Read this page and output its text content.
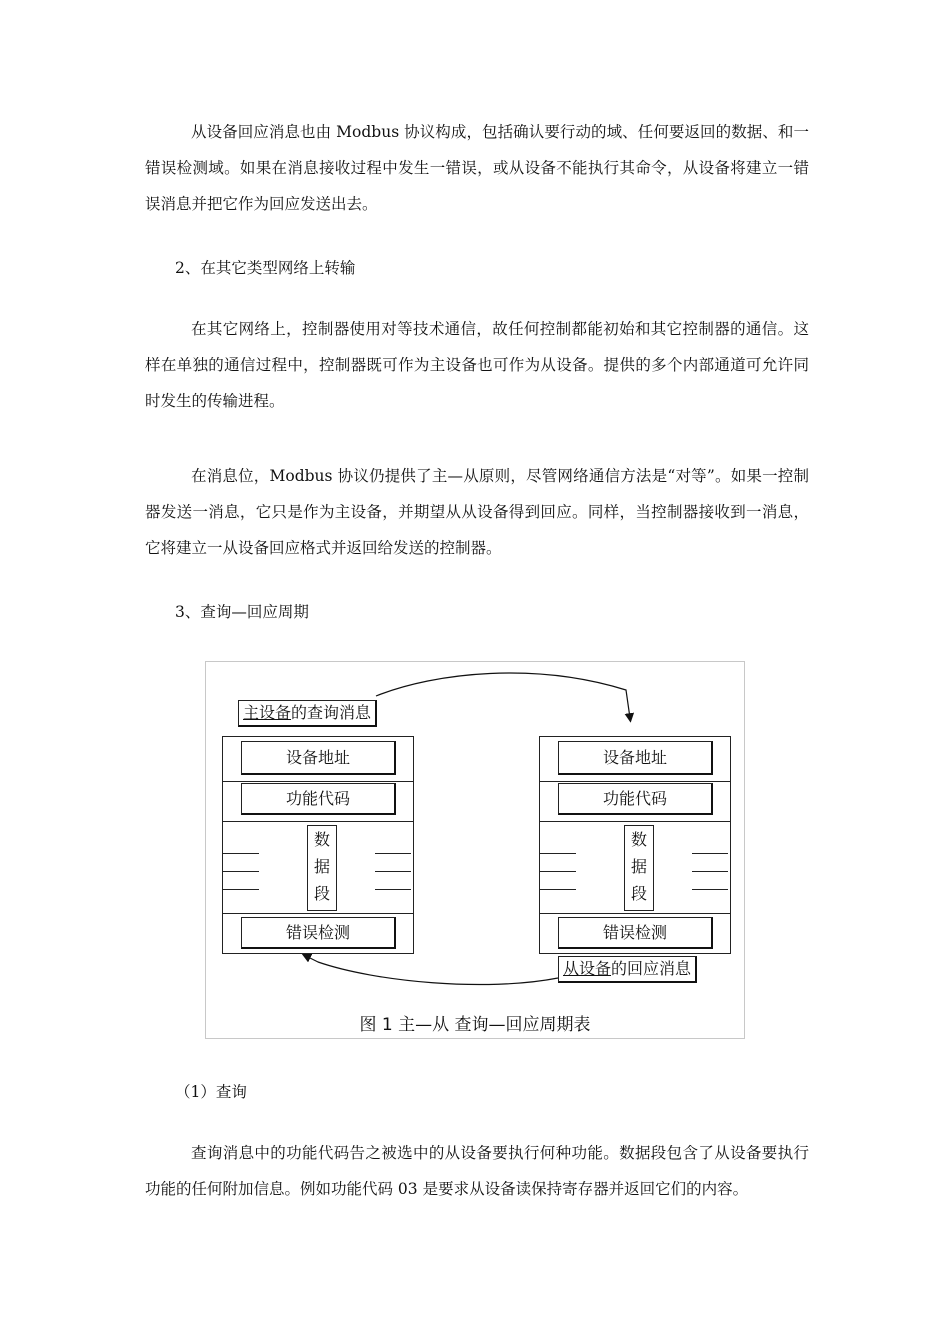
从设备回应消息也由 Modbus 协议构成，包括确认要行动的域、任何要返回的数据、和一错误检测域。如果在消息接收过程中发生一错误，或从设备不能执行其命令，从设备将建立一错误消息并把它作为回应发送出去。

2、在其它类型网络上转输

在其它网络上，控制器使用对等技术通信，故任何控制都能初始和其它控制器的通信。这样在单独的通信过程中，控制器既可作为主设备也可作为从设备。提供的多个内部通道可允许同时发生的传输进程。

在消息位，Modbus 协议仍提供了主—从原则，尽管网络通信方法是“对等”。如果一控制器发送一消息，它只是作为主设备，并期望从从设备得到回应。同样，当控制器接收到一消息，它将建立一从设备回应格式并返回给发送的控制器。

3、查询—回应周期

主设备的查询消息
设备地址
功能代码
数
据
段
错误检测
设备地址
功能代码
数
据
段
错误检测
从设备的回应消息
图 1 主—从 查询—回应周期表

（1）查询

查询消息中的功能代码告之被选中的从设备要执行何种功能。数据段包含了从设备要执行功能的任何附加信息。例如功能代码 03 是要求从设备读保持寄存器并返回它们的内容。
